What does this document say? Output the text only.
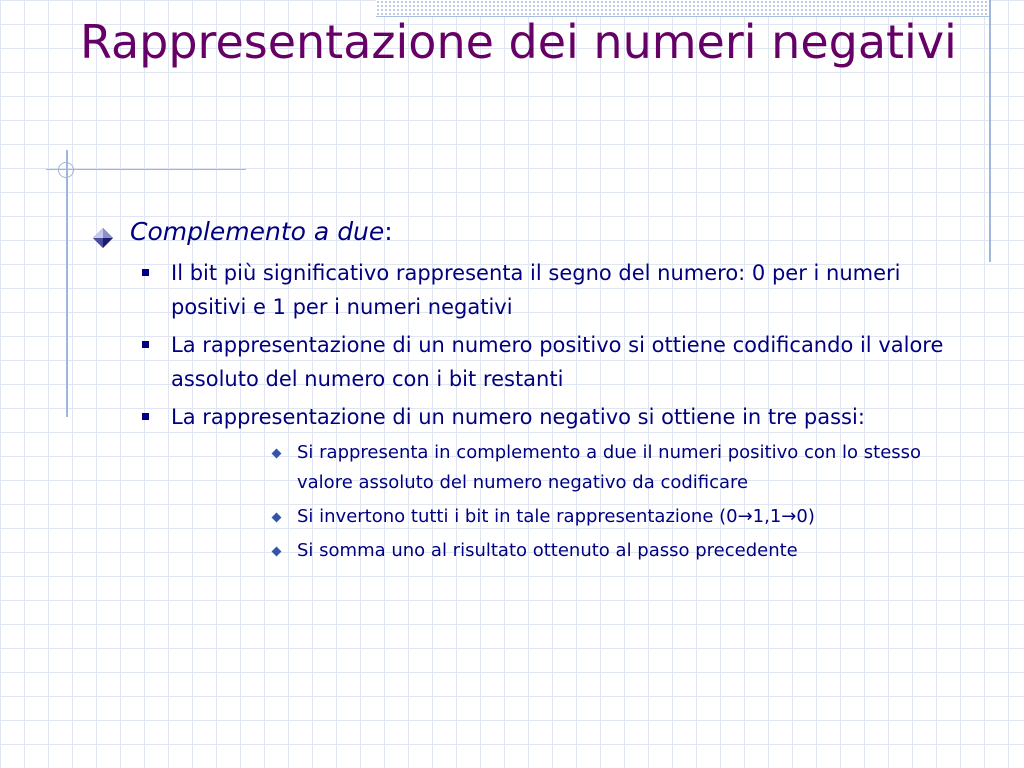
Rappresentazione dei numeri negativi
Complemento a due:
Il bit più significativo rappresenta il segno del numero: 0 per i numeri positivi e 1 per i numeri negativi
La rappresentazione di un numero positivo si ottiene codificando il valore assoluto del numero con i bit restanti
La rappresentazione di un numero negativo si ottiene in tre passi:
Si rappresenta in complemento a due il numeri positivo con lo stesso valore assoluto del numero negativo da codificare
Si invertono tutti i bit in tale rappresentazione (0→1,1→0)
Si somma uno al risultato ottenuto al passo precedente
